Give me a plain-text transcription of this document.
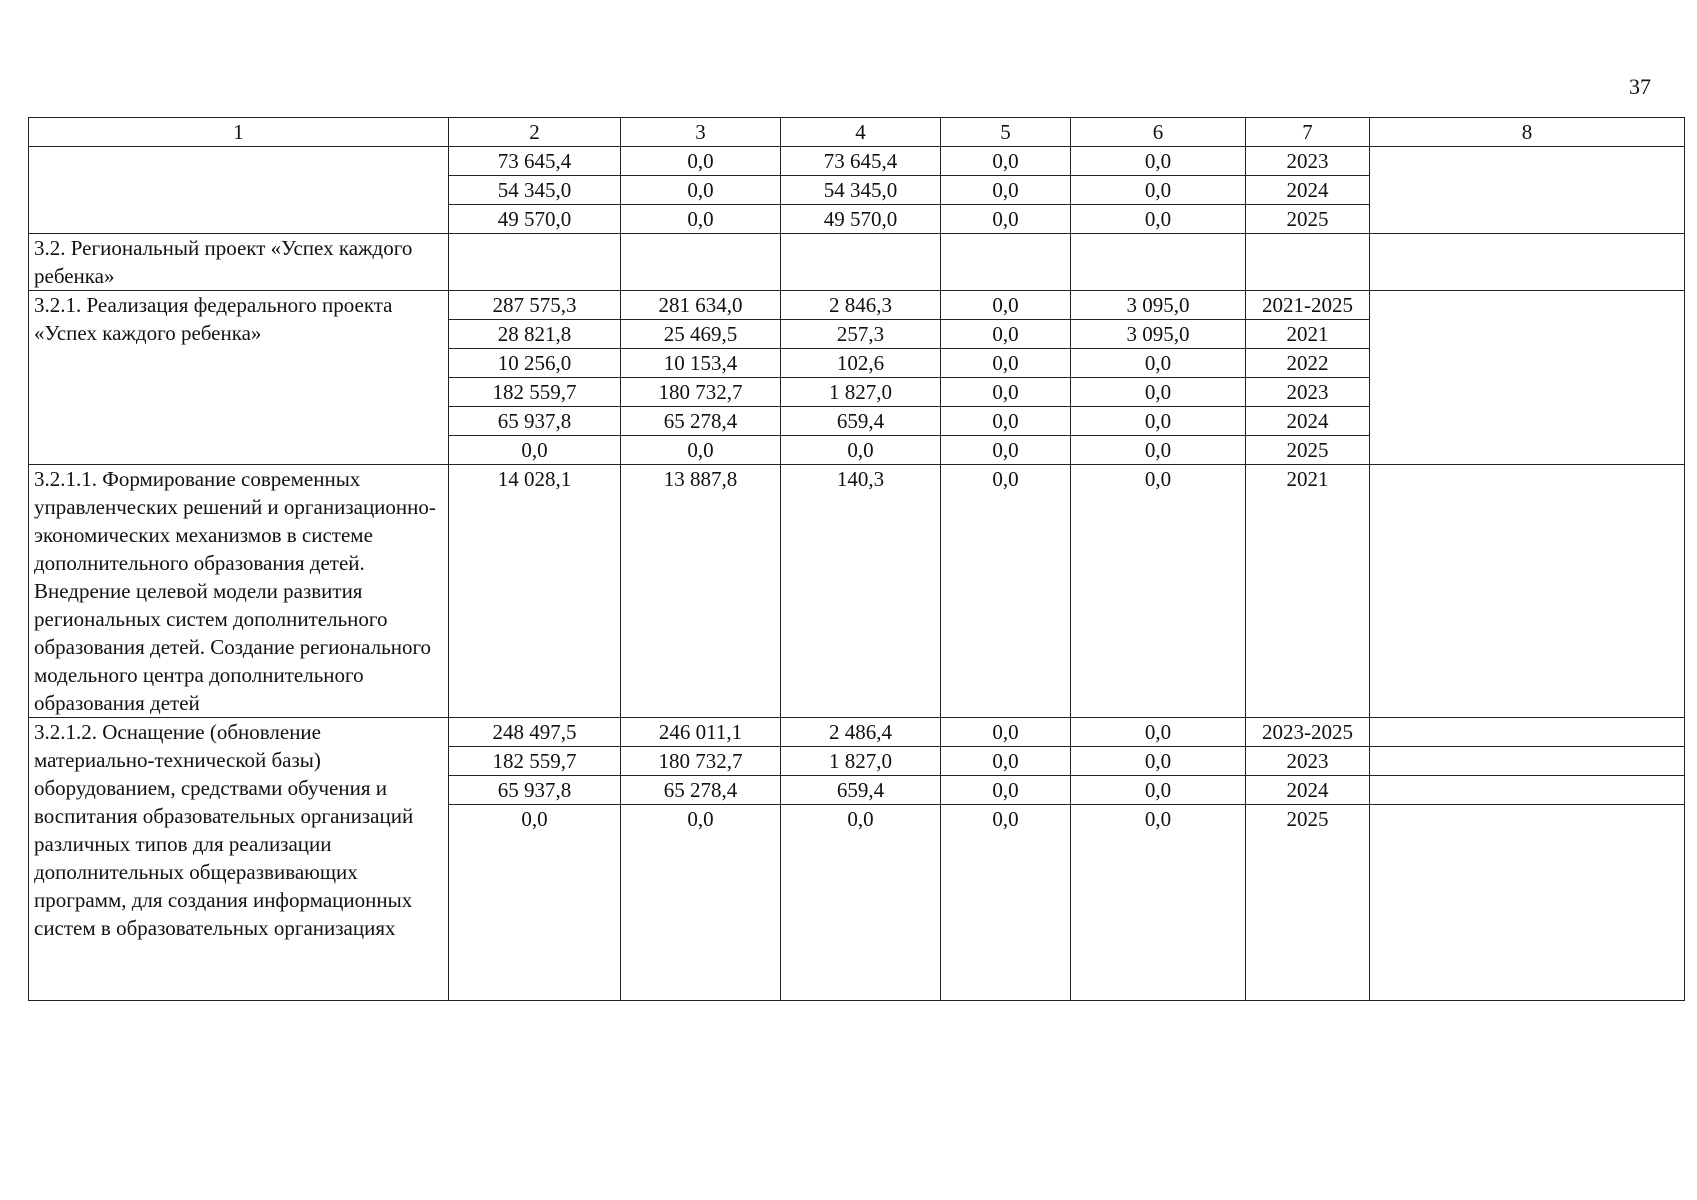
37
1	2	3	4	5	6	7	8
	73 645,4	0,0	73 645,4	0,0	0,0	2023	
	54 345,0	0,0	54 345,0	0,0	0,0	2024	
	49 570,0	0,0	49 570,0	0,0	0,0	2025	
3.2. Региональный проект «Успех каждого ребенка»							
3.2.1. Реализация федерального проекта «Успех каждого ребенка»	287 575,3	281 634,0	2 846,3	0,0	3 095,0	2021-2025	
	28 821,8	25 469,5	257,3	0,0	3 095,0	2021	
	10 256,0	10 153,4	102,6	0,0	0,0	2022	
	182 559,7	180 732,7	1 827,0	0,0	0,0	2023	
	65 937,8	65 278,4	659,4	0,0	0,0	2024	
	0,0	0,0	0,0	0,0	0,0	2025	
3.2.1.1. Формирование современных управленческих решений и организационно-экономических механизмов в системе дополнительного образования детей. Внедрение целевой модели развития региональных систем дополнительного образования детей. Создание регионального модельного центра дополнительного образования детей	14 028,1	13 887,8	140,3	0,0	0,0	2021	
3.2.1.2. Оснащение (обновление материально-технической базы) оборудованием, средствами обучения и воспитания образовательных организаций различных типов для реализации дополнительных общеразвивающих программ, для создания информационных систем в образовательных организациях	248 497,5	246 011,1	2 486,4	0,0	0,0	2023-2025	
	182 559,7	180 732,7	1 827,0	0,0	0,0	2023	
	65 937,8	65 278,4	659,4	0,0	0,0	2024	
	0,0	0,0	0,0	0,0	0,0	2025	
